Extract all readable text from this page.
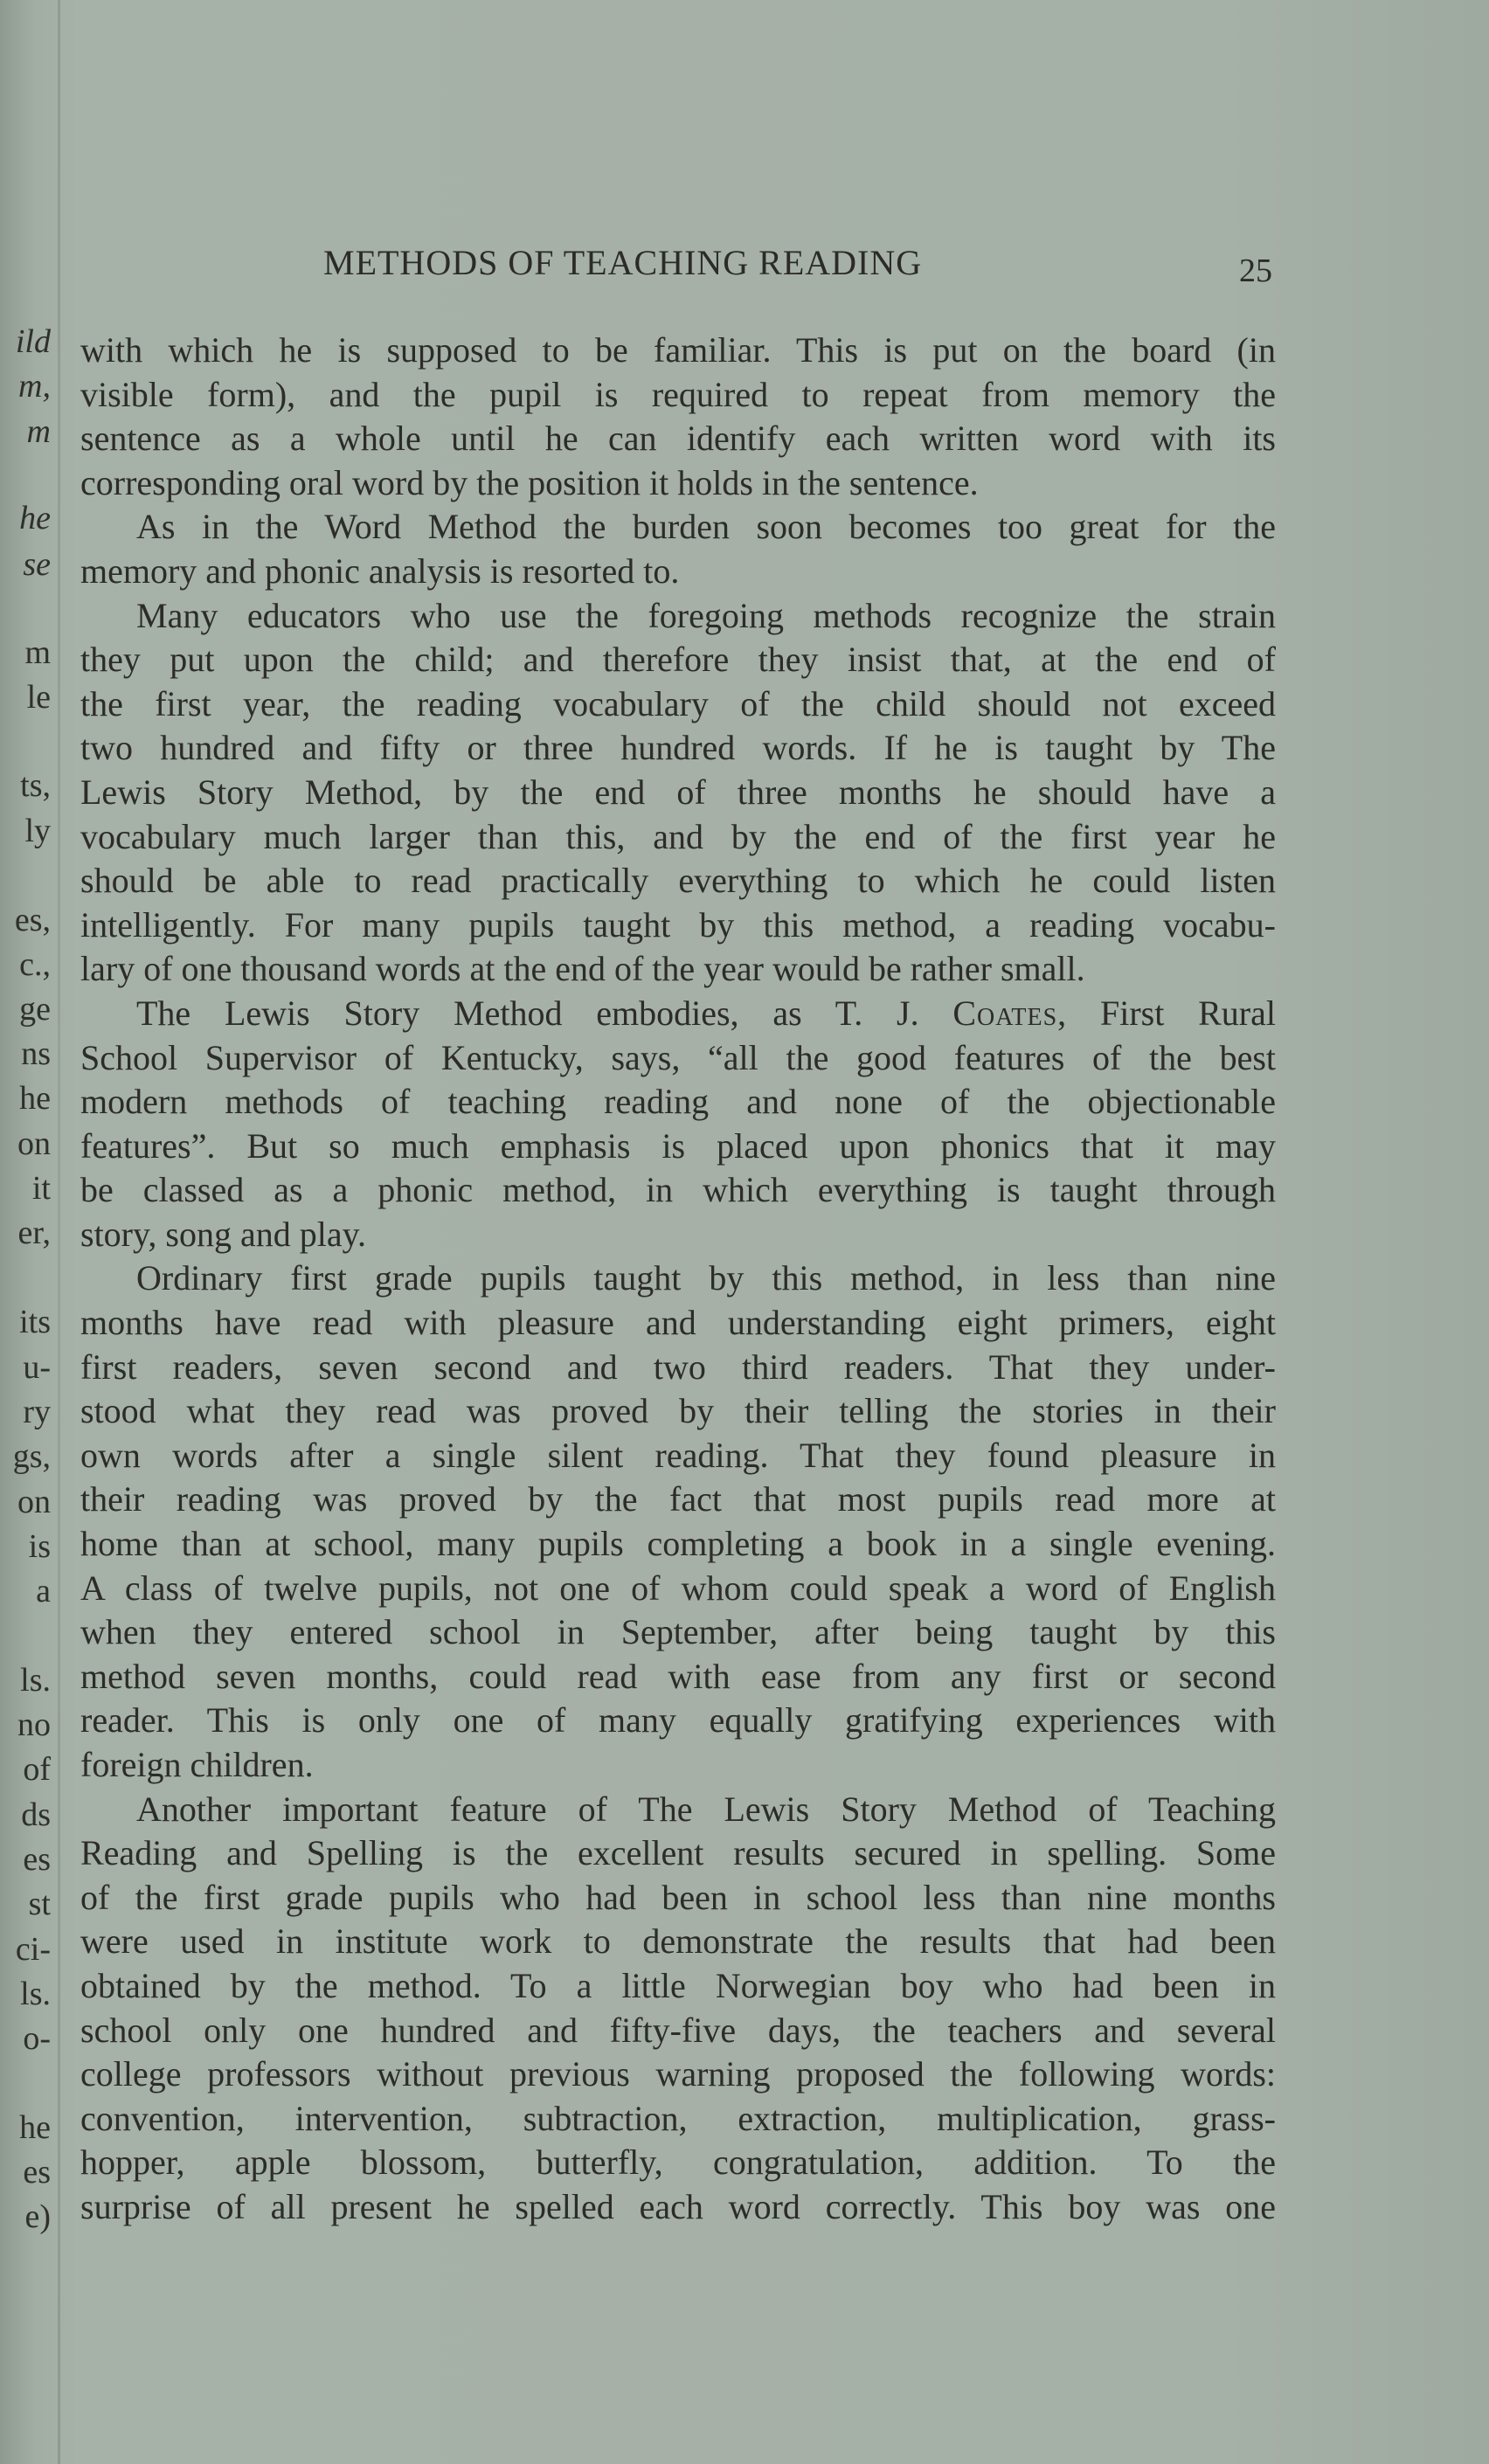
ild
m,
m
he
se
m
le
ts,
ly
es,
c.,
ge
ns
he
on
it
er,
its
u-
ry
gs,
on
is
a
ls.
no
of
ds
es
st
ci-
ls.
o-
he
es
e)
METHODS OF TEACHING READING	25

with which he is supposed to be familiar. This is put on the board (in
visible form), and the pupil is required to repeat from memory the
sentence as a whole until he can identify each written word with its
corresponding oral word by the position it holds in the sentence.

As in the Word Method the burden soon becomes too great for the
memory and phonic analysis is resorted to.

Many educators who use the foregoing methods recognize the strain
they put upon the child; and therefore they insist that, at the end of
the first year, the reading vocabulary of the child should not exceed
two hundred and fifty or three hundred words. If he is taught by The
Lewis Story Method, by the end of three months he should have a
vocabulary much larger than this, and by the end of the first year he
should be able to read practically everything to which he could listen
intelligently. For many pupils taught by this method, a reading vocabu-
lary of one thousand words at the end of the year would be rather small.

The Lewis Story Method embodies, as T. J. Coates, First Rural
School Supervisor of Kentucky, says, “all the good features of the best
modern methods of teaching reading and none of the objectionable
features”. But so much emphasis is placed upon phonics that it may
be classed as a phonic method, in which everything is taught through
story, song and play.

Ordinary first grade pupils taught by this method, in less than nine
months have read with pleasure and understanding eight primers, eight
first readers, seven second and two third readers. That they under-
stood what they read was proved by their telling the stories in their
own words after a single silent reading. That they found pleasure in
their reading was proved by the fact that most pupils read more at
home than at school, many pupils completing a book in a single evening.
A class of twelve pupils, not one of whom could speak a word of English
when they entered school in September, after being taught by this
method seven months, could read with ease from any first or second
reader. This is only one of many equally gratifying experiences with
foreign children.

Another important feature of The Lewis Story Method of Teaching
Reading and Spelling is the excellent results secured in spelling. Some
of the first grade pupils who had been in school less than nine months
were used in institute work to demonstrate the results that had been
obtained by the method. To a little Norwegian boy who had been in
school only one hundred and fifty-five days, the teachers and several
college professors without previous warning proposed the following words:
convention, intervention, subtraction, extraction, multiplication, grass-
hopper, apple blossom, butterfly, congratulation, addition. To the
surprise of all present he spelled each word correctly. This boy was one
